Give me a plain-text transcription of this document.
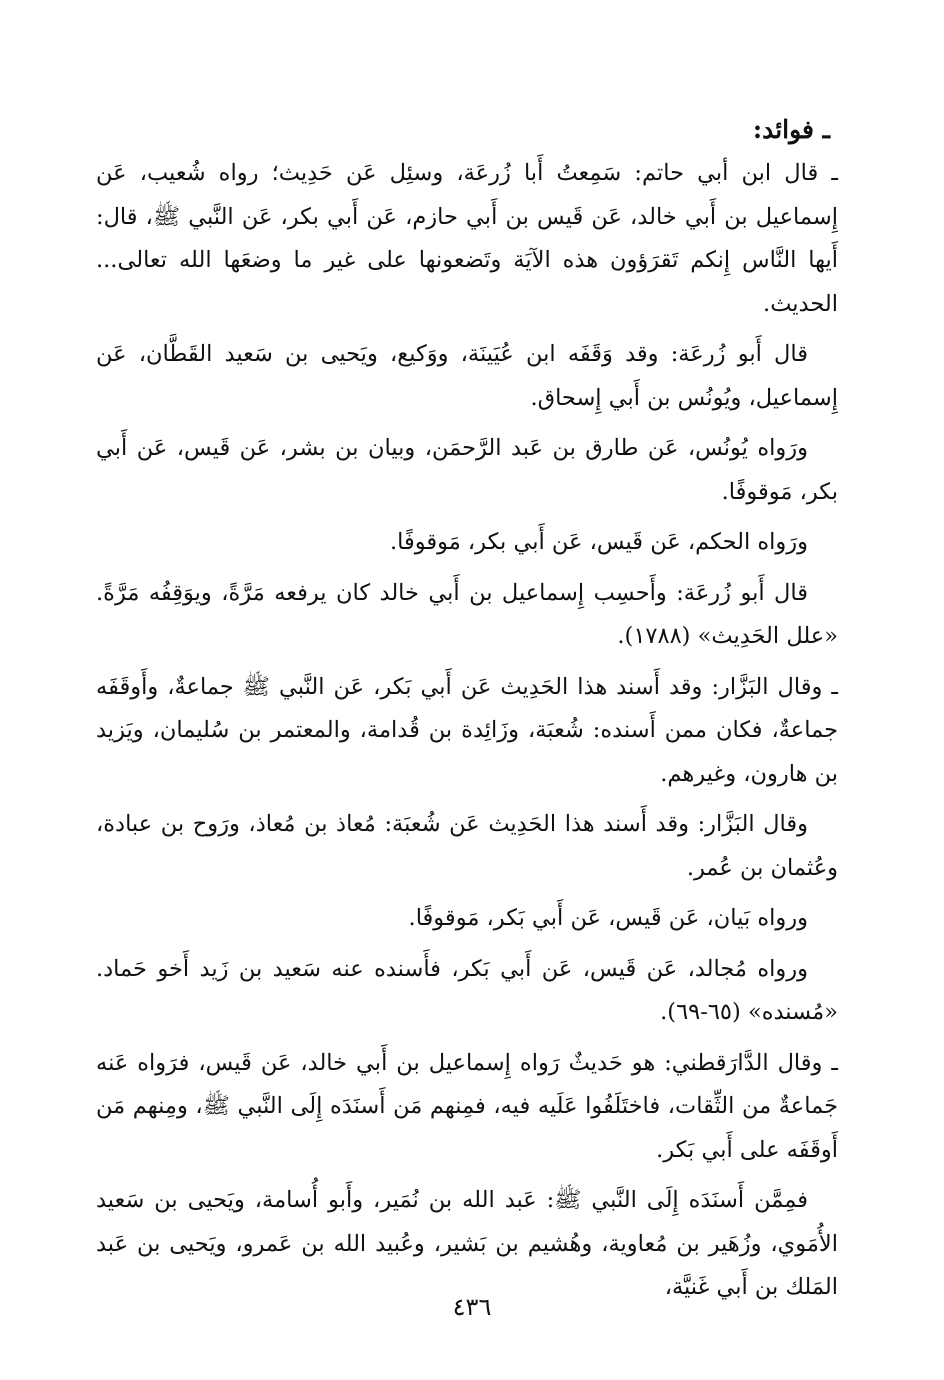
ـ فوائد:

ـ قال ابن أبي حاتم: سَمِعتُ أَبا زُرعَة، وسئِل عَن حَدِيث؛ رواه شُعيب، عَن إِسماعيل بن أَبي خالد، عَن قَيس بن أَبي حازم، عَن أَبي بكر، عَن النَّبي ﷺ، قال: أَيها النَّاس إِنكم تَقرَؤون هذه الآيَة وتَضعونها على غير ما وضعَها الله تعالى... الحديث.

قال أَبو زُرعَة: وقد وَقَفَه ابن عُيَينَة، ووَكيع، ويَحيى بن سَعيد القَطَّان، عَن إِسماعيل، ويُونُس بن أَبي إِسحاق.

ورَواه يُونُس، عَن طارق بن عَبد الرَّحمَن، وبيان بن بشر، عَن قَيس، عَن أَبي بكر، مَوقوفًا.

ورَواه الحكم، عَن قَيس، عَن أَبي بكر، مَوقوفًا.

قال أَبو زُرعَة: وأَحسِب إِسماعيل بن أَبي خالد كان يرفعه مَرَّةً، ويوَقِفُه مَرَّةً. «علل الحَدِيث» (١٧٨٨).

ـ وقال البَزَّار: وقد أَسند هذا الحَدِيث عَن أَبي بَكر، عَن النَّبي ﷺ جماعةٌ، وأَوقَفَه جماعةٌ، فكان ممن أَسنده: شُعبَة، وزَائِدة بن قُدامة، والمعتمر بن سُليمان، ويَزيد بن هارون، وغيرهم.

وقال البَزَّار: وقد أَسند هذا الحَدِيث عَن شُعبَة: مُعاذ بن مُعاذ، ورَوح بن عبادة، وعُثمان بن عُمر.

ورواه بَيان، عَن قَيس، عَن أَبي بَكر، مَوقوفًا.

ورواه مُجالد، عَن قَيس، عَن أَبي بَكر، فأَسنده عنه سَعيد بن زَيد أَخو حَماد. «مُسنده» (٦٥-٦٩).

ـ وقال الدَّارَقطني: هو حَديثٌ رَواه إِسماعيل بن أَبي خالد، عَن قَيس، فرَواه عَنه جَماعةٌ من الثِّقات، فاختَلَفُوا عَلَيه فيه، فمِنهم مَن أَسنَدَه إِلَى النَّبي ﷺ، ومِنهم مَن أَوقَفَه على أَبي بَكر.

فمِمَّن أَسنَدَه إِلَى النَّبي ﷺ: عَبد الله بن نُمَير، وأَبو أُسامة، ويَحيى بن سَعيد الأُمَوي، وزُهَير بن مُعاوية، وهُشيم بن بَشير، وعُبيد الله بن عَمرو، ويَحيى بن عَبد المَلك بن أَبي غَنيَّة،

٤٣٦
